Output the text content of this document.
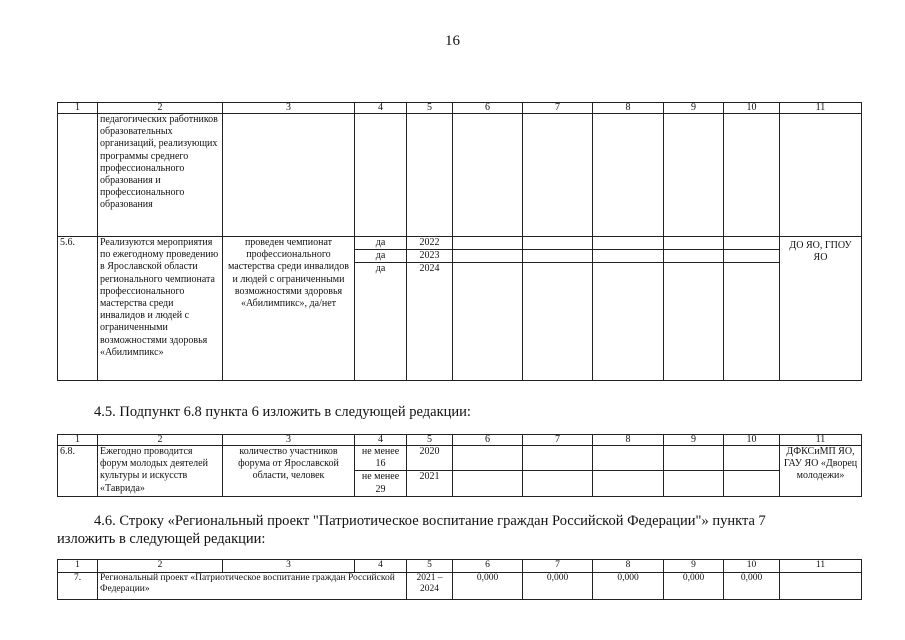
16
1	2	3	4	5	6	7	8	9	10	11
	педагогических работников образовательных организаций, реализующих программы среднего профессионального образования и профессионального образования									
5.6.	Реализуются мероприятия по ежегодному проведению в Ярославской области регионального чемпионата профессионального мастерства среди инвалидов и людей с ограниченными возможностями здоровья «Абилимпикс»	проведен чемпионат профессионального мастерства среди инвалидов и людей с ограниченными возможностями здоровья «Абилимпикс», да/нет	да	2022						ДО ЯО, ГПОУ ЯО
			да	2023						
			да	2024						
4.5. Подпункт 6.8 пункта 6 изложить в следующей редакции:
1	2	3	4	5	6	7	8	9	10	11
6.8.	Ежегодно проводится форум молодых деятелей культуры и искусств «Таврида»	количество участников форума от Ярославской области, человек	не менее 16	2020						ДФКСиМП ЯО, ГАУ ЯО «Дворец молодежи»
			не менее 29	2021						
4.6. Строку «Региональный проект "Патриотическое воспитание граждан Российской Федерации"» пункта 7
изложить в следующей редакции:
1	2	3	4	5	6	7	8	9	10	11
7.	Региональный проект «Патриотическое воспитание граждан Российской Федерации»			2021 – 2024	0,000	0,000	0,000	0,000	0,000	
